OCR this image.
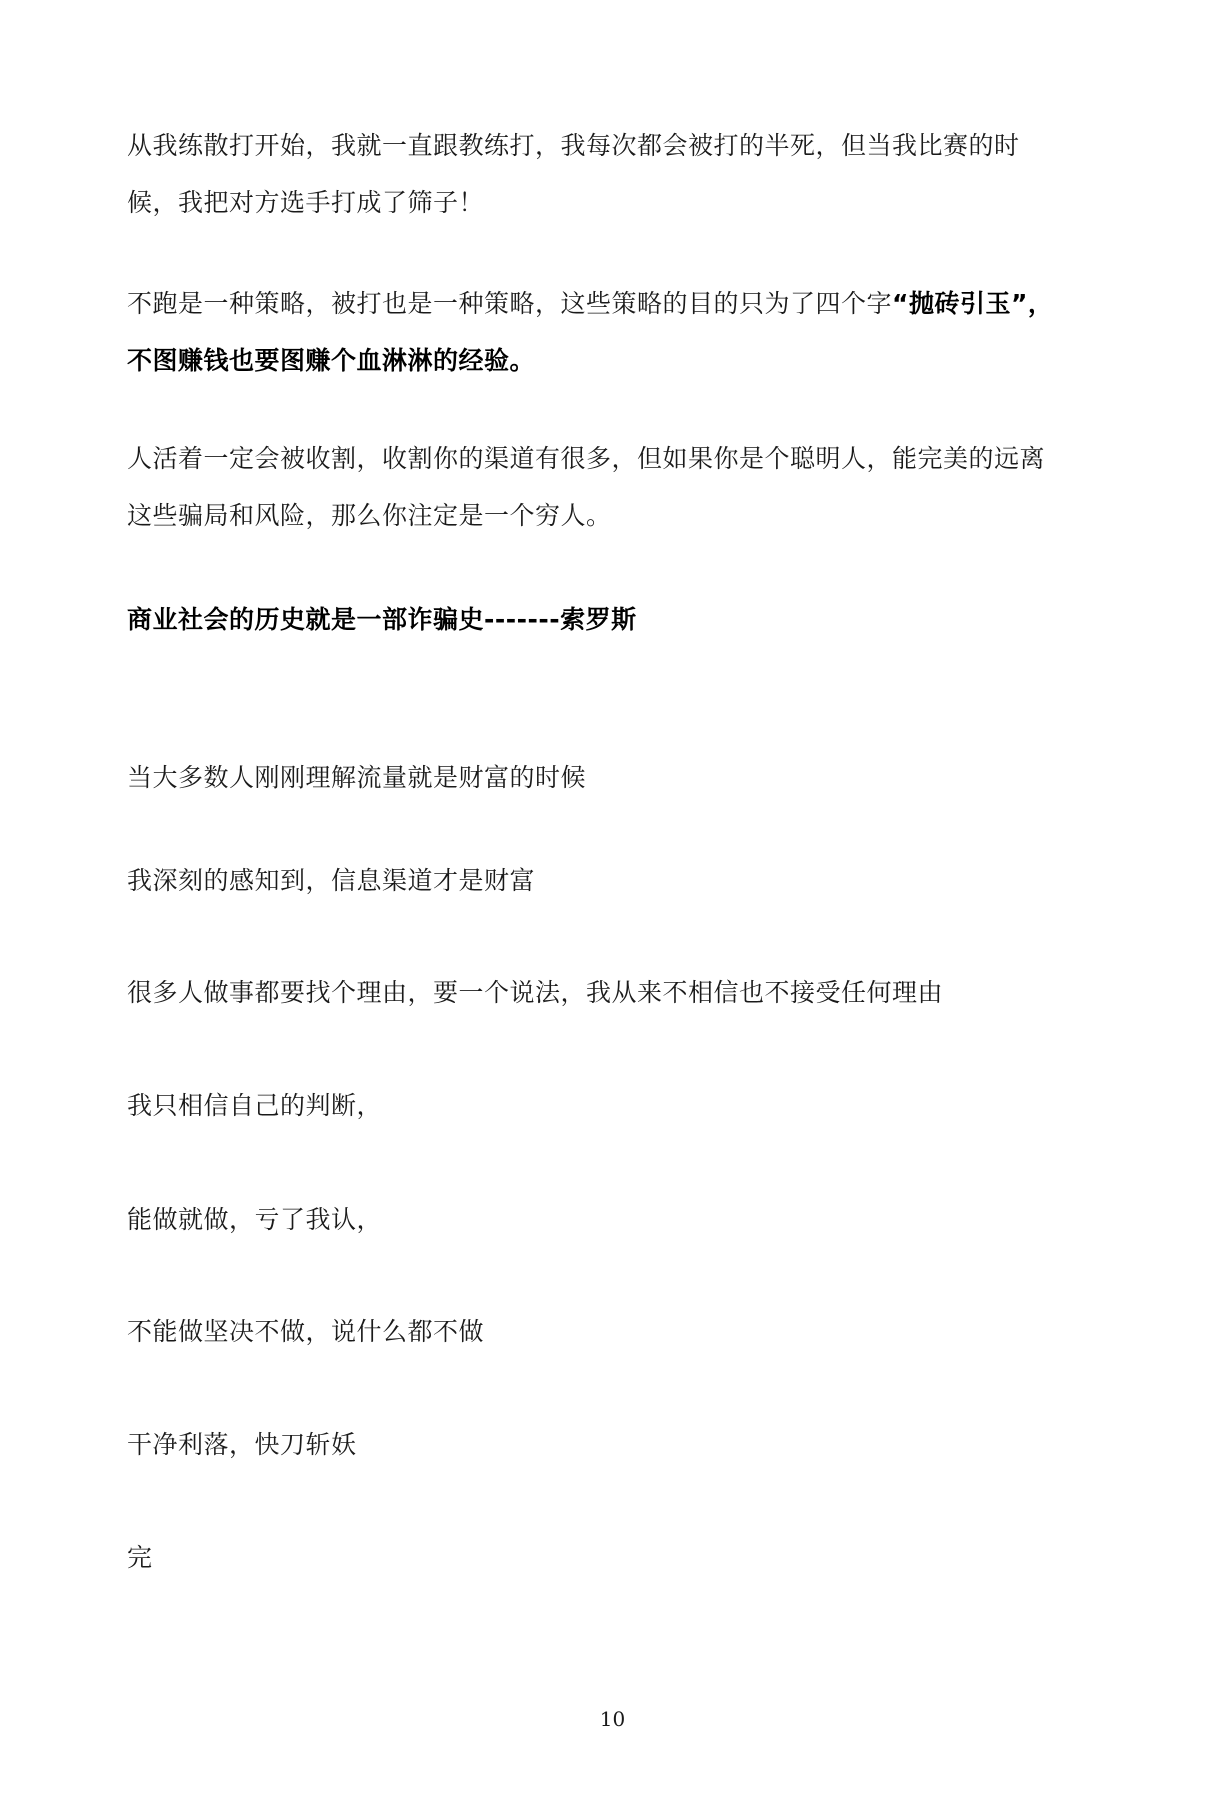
从我练散打开始，我就一直跟教练打，我每次都会被打的半死，但当我比赛的时

候，我把对方选手打成了筛子！

不跑是一种策略，被打也是一种策略，这些策略的目的只为了四个字“抛砖引玉”，

不图赚钱也要图赚个血淋淋的经验。

人活着一定会被收割，收割你的渠道有很多，但如果你是个聪明人，能完美的远离

这些骗局和风险，那么你注定是一个穷人。

商业社会的历史就是一部诈骗史-------索罗斯

当大多数人刚刚理解流量就是财富的时候

我深刻的感知到，信息渠道才是财富

很多人做事都要找个理由，要一个说法，我从来不相信也不接受任何理由

我只相信自己的判断，

能做就做，亏了我认，

不能做坚决不做，说什么都不做

干净利落，快刀斩妖

完

10
